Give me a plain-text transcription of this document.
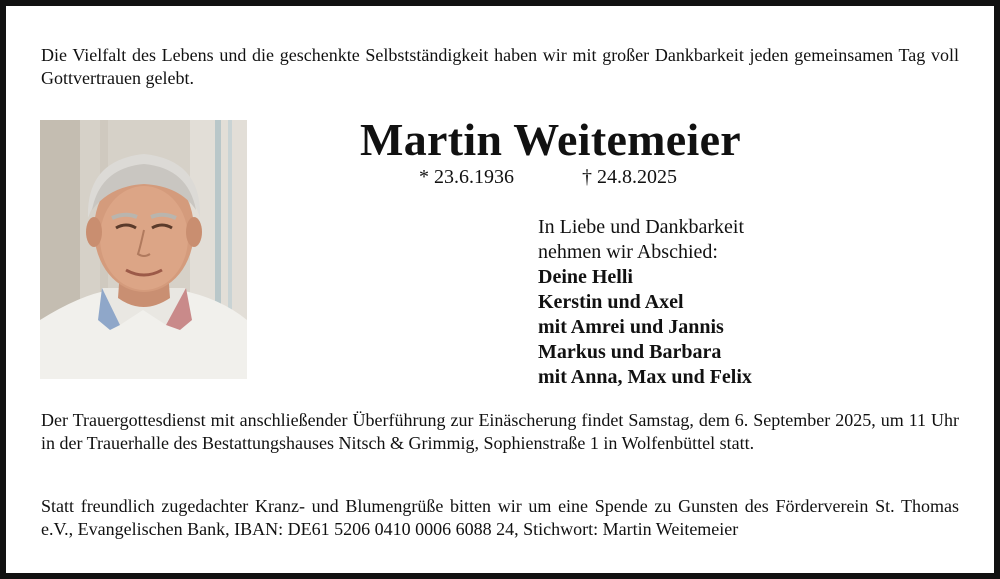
Die Vielfalt des Lebens und die geschenkte Selbstständigkeit haben wir mit großer Dankbarkeit jeden gemeinsamen Tag voll Gottvertrauen gelebt.

Martin Weitemeier
* 23.6.1936	† 24.8.2025
In Liebe und Dankbarkeit
nehmen wir Abschied:
Deine Helli
Kerstin und Axel
mit Amrei und Jannis
Markus und Barbara
mit Anna, Max und Felix

Der Trauergottesdienst mit anschließender Überführung zur Einäscherung findet Samstag, dem 6. September 2025, um 11 Uhr in der Trauerhalle des Bestattungshauses Nitsch & Grimmig, Sophienstraße 1 in Wolfenbüttel statt.

Statt freundlich zugedachter Kranz- und Blumengrüße bitten wir um eine Spende zu Gunsten des Förderverein St. Thomas e.V., Evangelischen Bank, IBAN: DE61 5206 0410 0006 6088 24, Stichwort: Martin Weitemeier
